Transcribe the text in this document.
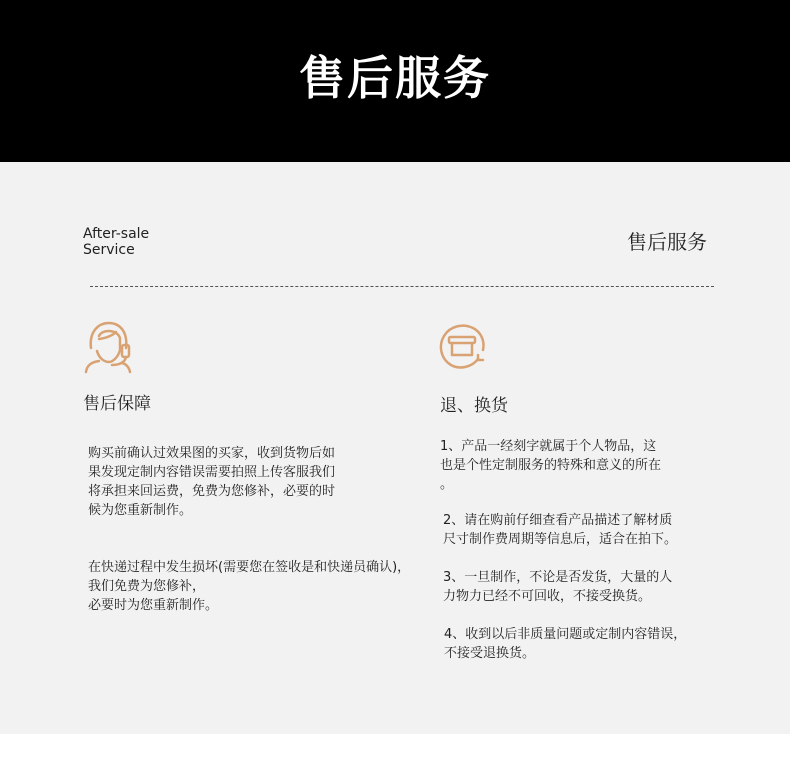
售后服务
After-sale
Service	售后服务
售后保障
购买前确认过效果图的买家，收到货物后如
果发现定制内容错误需要拍照上传客服我们
将承担来回运费，免费为您修补，必要的时
候为您重新制作。
在快递过程中发生损坏(需要您在签收是和快递员确认)，
我们免费为您修补，
必要时为您重新制作。
退、换货
1、产品一经刻字就属于个人物品，这
也是个性定制服务的特殊和意义的所在
。
2、请在购前仔细查看产品描述了解材质
尺寸制作费周期等信息后，适合在拍下。
3、一旦制作，不论是否发货，大量的人
力物力已经不可回收，不接受换货。
4、收到以后非质量问题或定制内容错误，
不接受退换货。
